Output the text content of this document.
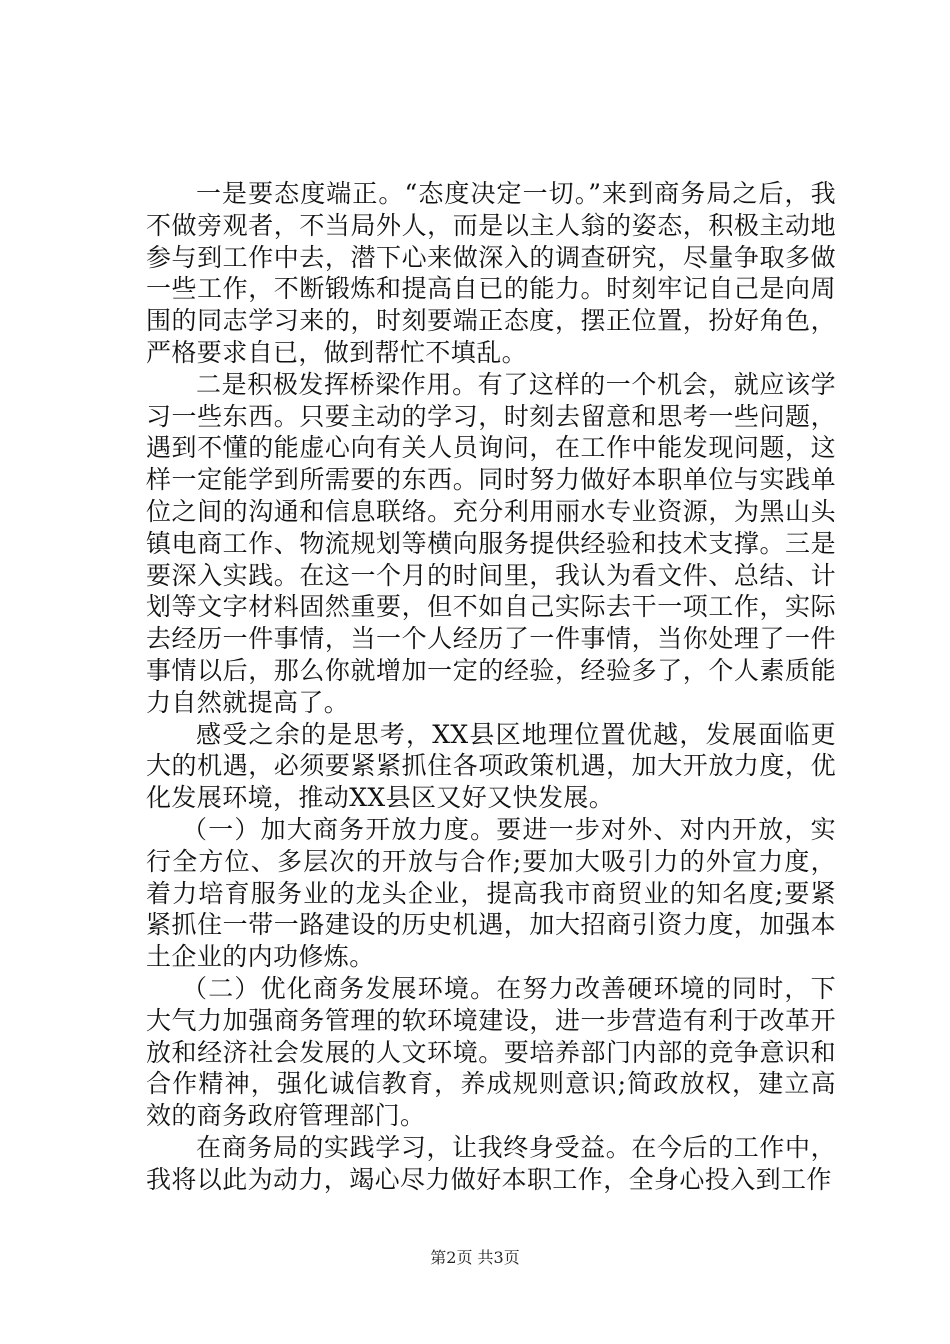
一是要态度端正。“态度决定一切。”来到商务局之后，我不做旁观者，不当局外人，而是以主人翁的姿态，积极主动地参与到工作中去，潜下心来做深入的调查研究，尽量争取多做一些工作，不断锻炼和提高自已的能力。时刻牢记自己是向周围的同志学习来的，时刻要端正态度，摆正位置，扮好角色，严格要求自已，做到帮忙不填乱。

二是积极发挥桥梁作用。有了这样的一个机会，就应该学习一些东西。只要主动的学习，时刻去留意和思考一些问题，遇到不懂的能虚心向有关人员询问，在工作中能发现问题，这样一定能学到所需要的东西。同时努力做好本职单位与实践单位之间的沟通和信息联络。充分利用丽水专业资源，为黑山头镇电商工作、物流规划等横向服务提供经验和技术支撑。三是要深入实践。在这一个月的时间里，我认为看文件、总结、计划等文字材料固然重要，但不如自己实际去干一项工作，实际去经历一件事情，当一个人经历了一件事情，当你处理了一件事情以后，那么你就增加一定的经验，经验多了，个人素质能力自然就提高了。

感受之余的是思考，XX县区地理位置优越，发展面临更大的机遇，必须要紧紧抓住各项政策机遇，加大开放力度，优化发展环境，推动XX县区又好又快发展。

（一）加大商务开放力度。要进一步对外、对内开放，实行全方位、多层次的开放与合作;要加大吸引力的外宣力度，着力培育服务业的龙头企业，提高我市商贸业的知名度;要紧紧抓住一带一路建设的历史机遇，加大招商引资力度，加强本土企业的内功修炼。

（二）优化商务发展环境。在努力改善硬环境的同时，下大气力加强商务管理的软环境建设，进一步营造有利于改革开放和经济社会发展的人文环境。要培养部门内部的竞争意识和合作精神，强化诚信教育，养成规则意识;简政放权，建立高效的商务政府管理部门。

在商务局的实践学习，让我终身受益。在今后的工作中，我将以此为动力，竭心尽力做好本职工作，全身心投入到工作

第2页 共3页
